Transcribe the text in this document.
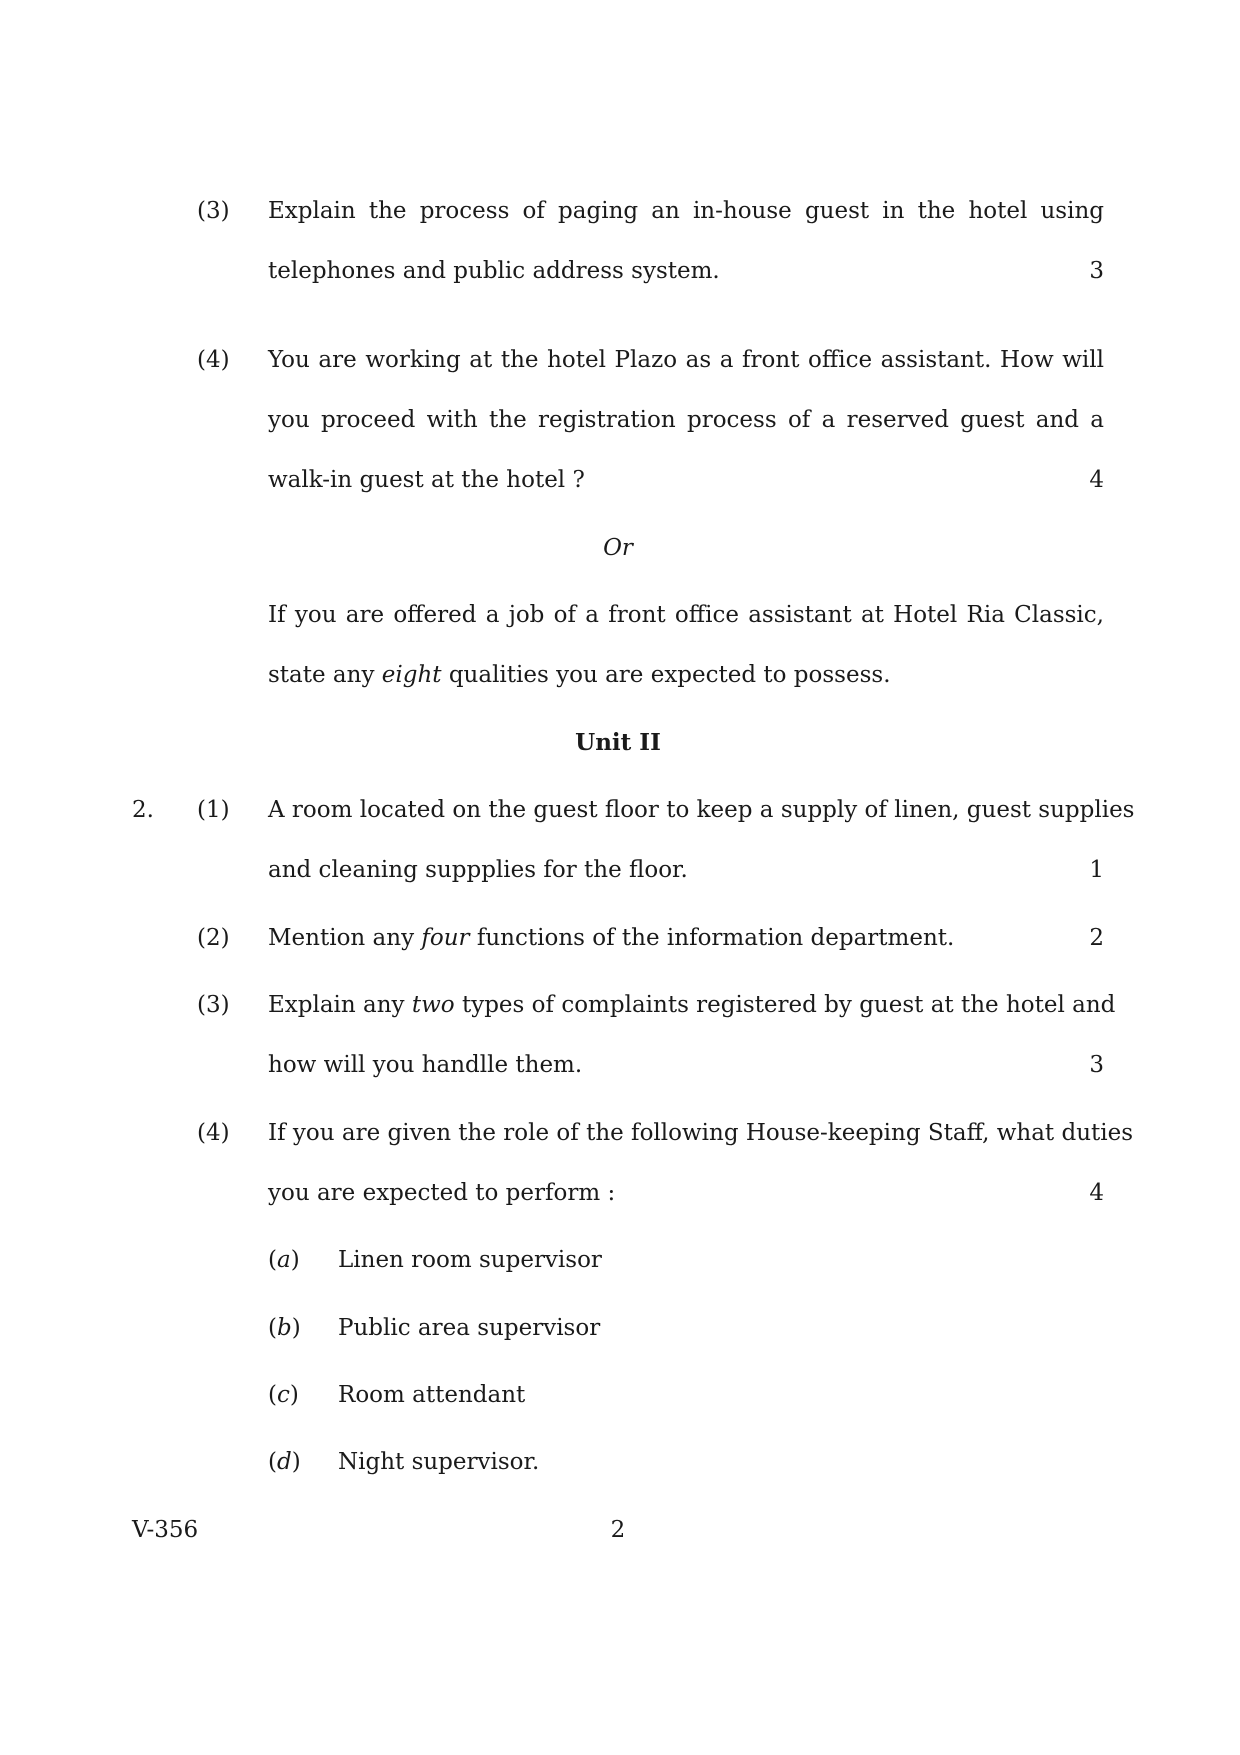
(3) Explain the process of paging an in-house guest in the hotel using
telephones and public address system.	3
(4) You are working at the hotel Plazo as a front office assistant. How will
you proceed with the registration process of a reserved guest and a
walk-in guest at the hotel ?	4
Or
If you are offered a job of a front office assistant at Hotel Ria Classic,
state any eight qualities you are expected to possess.
Unit II
2. (1) A room located on the guest floor to keep a supply of linen, guest supplies
and cleaning suppplies for the floor.	1
(2) Mention any four functions of the information department.	2
(3) Explain any two types of complaints registered by guest at the hotel and
how will you handlle them.	3
(4) If you are given the role of the following House-keeping Staff, what duties
you are expected to perform :	4
(a) Linen room supervisor
(b) Public area supervisor
(c) Room attendant
(d) Night supervisor.
V-356	2
